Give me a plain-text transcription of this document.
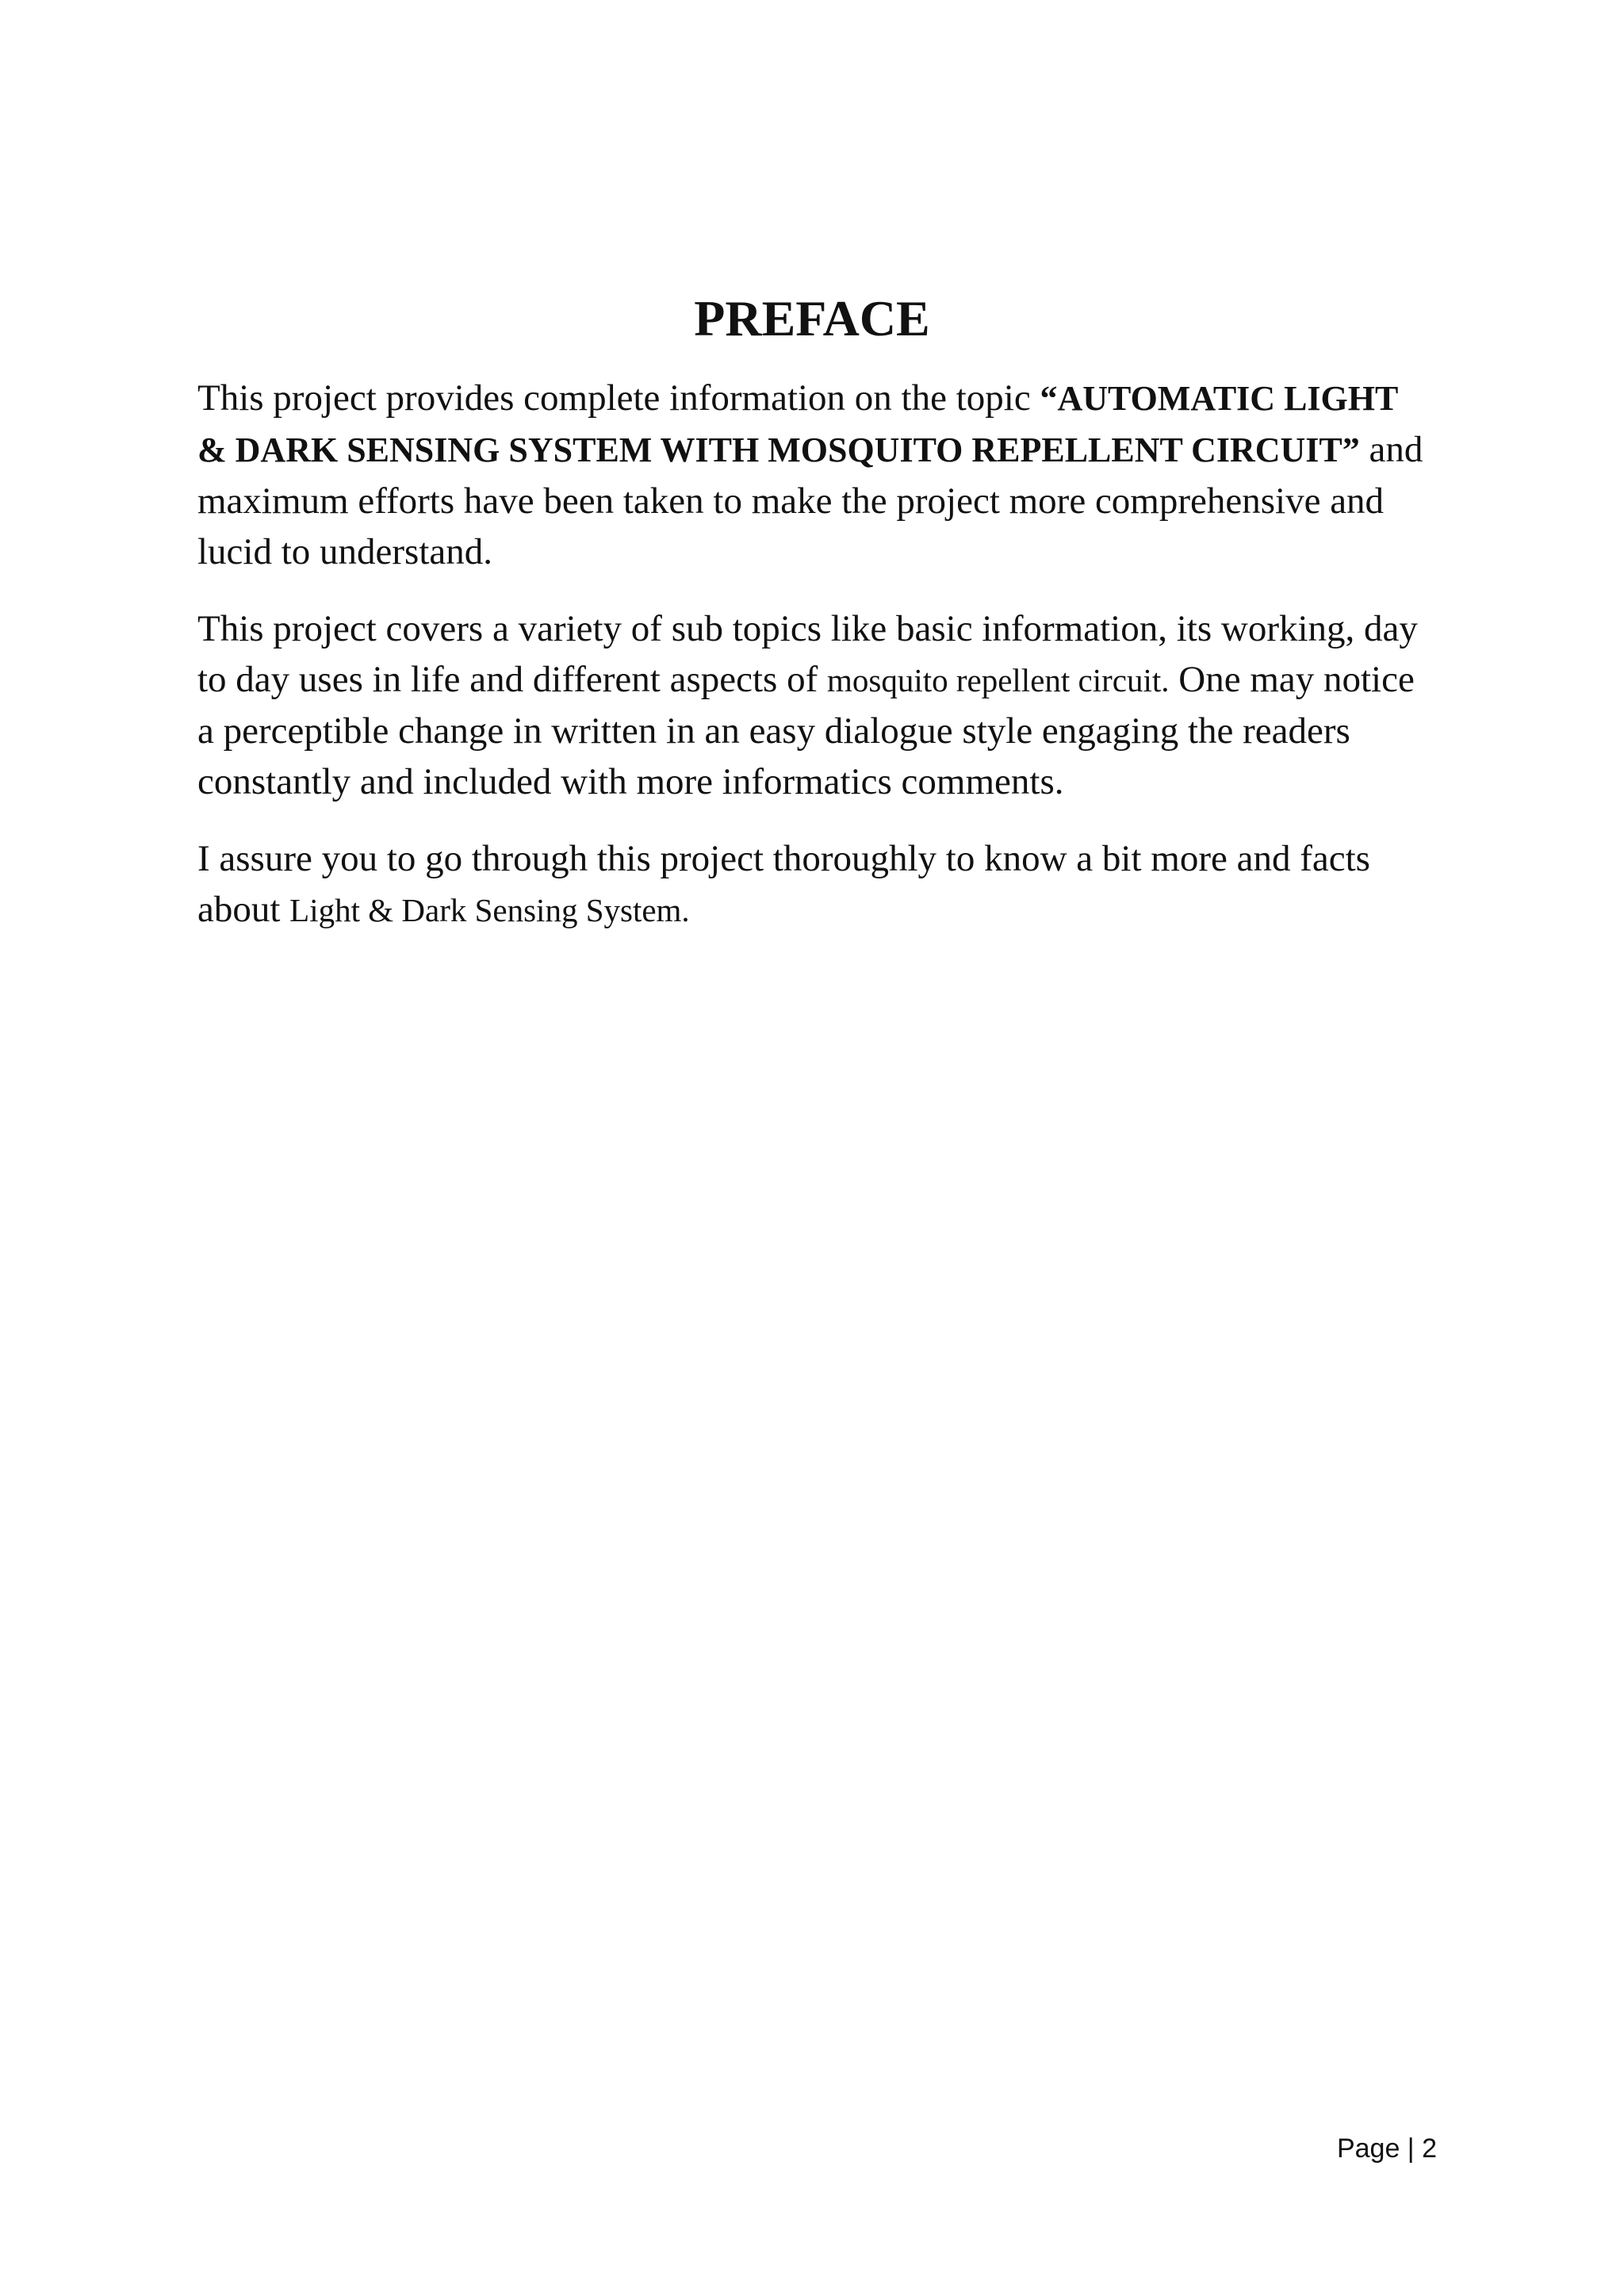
PREFACE

This project provides complete information on the topic “AUTOMATIC LIGHT & DARK SENSING SYSTEM WITH MOSQUITO REPELLENT CIRCUIT” and maximum efforts have been taken to make the project more comprehensive and lucid to understand.

This project covers a variety of sub topics like basic information, its working, day to day uses in life and different aspects of mosquito repellent circuit. One may notice a perceptible change in written in an easy dialogue style engaging the readers constantly and included with more informatics comments.

I assure you to go through this project thoroughly to know a bit more and facts about Light & Dark Sensing System.

Page | 2
